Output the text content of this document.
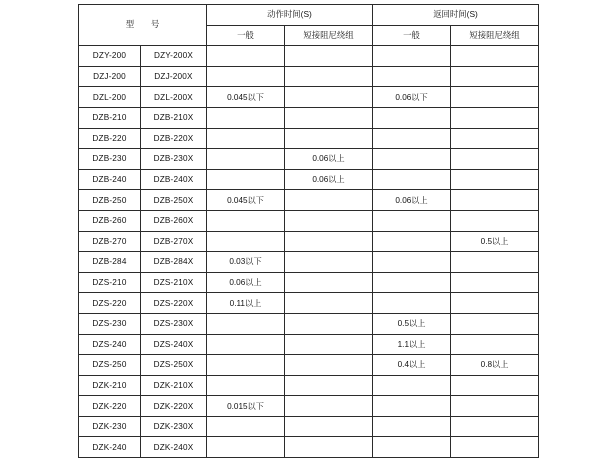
型　　号		动作时间(S)		返回时间(S)	
		一般	短接阻尼绕组	一般	短接阻尼绕组
DZY-200	DZY-200X				
DZJ-200	DZJ-200X				
DZL-200	DZL-200X	0.045以下		0.06以下	
DZB-210	DZB-210X				
DZB-220	DZB-220X				
DZB-230	DZB-230X		0.06以上		
DZB-240	DZB-240X		0.06以上		
DZB-250	DZB-250X	0.045以下		0.06以上	
DZB-260	DZB-260X				
DZB-270	DZB-270X				0.5以上
DZB-284	DZB-284X	0.03以下			
DZS-210	DZS-210X	0.06以上			
DZS-220	DZS-220X	0.11以上			
DZS-230	DZS-230X			0.5以上	
DZS-240	DZS-240X			1.1以上	
DZS-250	DZS-250X			0.4以上	0.8以上
DZK-210	DZK-210X				
DZK-220	DZK-220X	0.015以下			
DZK-230	DZK-230X				
DZK-240	DZK-240X				
